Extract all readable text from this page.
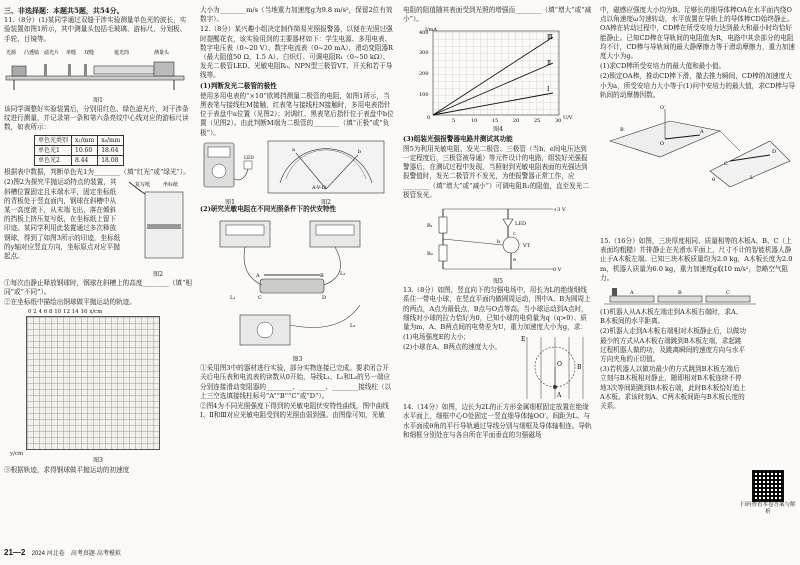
三、非选择题：本题共5题，共54分。

11.（8分）(1)某同学通过双缝干涉实验测量单色光的波长，实验装置如图1所示，其中测量头包括毛玻璃、游标尺、分划板、手轮、目镜等。

光源 凸透镜 滤光片 单缝 双缝	遮光筒	测量头
图1

该同学调整好实验装置后，分别用红色、绿色滤光片，对干涉条纹进行测量，并记录第一条和第六条亮纹中心线对应的游标尺读数，如表所示：

单色光类别	x₁/mm	x₆/mm
单色光1	10.60	18.64
单色光2	8.44	18.08

根据表中数据，判断单色光1为________（填“红光”或“绿光”）。

(2)图2为探究平抛运动特点的装置，其斜槽位置固定且末端水平，固定坐标纸的背板处于竖直面内，钢球在斜槽中从某一高度滚下，从末端飞出，落在倾斜的挡板上挤压复写纸，在坐标纸上留下印迹。某同学利用此装置通过多次释放钢球，得到了如图3所示的印迹，坐标纸的y轴对应竖直方向，坐标原点对应平抛起点。

复写纸	坐标纸
图2

①每次由静止释放钢球时，钢球在斜槽上的高度________（填“相同”或“不同”）。

②在坐标纸中描绘出钢球做平抛运动的轨迹。

0 2 4 6 8 10 12 14 16 x/cm
y/cm
图3

③根据轨迹，求得钢球做平抛运动的初速度

大小为________m/s（当地重力加速度g为9.8 m/s²，保留2位有效数字）。

12.（8分）某兴趣小组决定制作简易光照报警器，以便在光照过强时提醒花农，该实验用到的主要器材如下：学生电源、多用电表、数字电压表（0~20 V）、数字电流表（0~20 mA）、滑动变阻器R（最大阻值50 Ω，1.5 A）、白炽灯、可调电阻R₁（0~50 kΩ）、发光二极管LED、光敏电阻R₀、NPN型三极管VT、开关和若干导线等。

(1)判断发光二极管的极性

使用多用电表的“×10”欧姆挡测量二极管的电阻，如图1所示，当黑表笔与接线柱M接触，红表笔与接线柱N接触时，多用电表指针位于表盘中a位置（见图2）；对调红、黑表笔后指针位于表盘中b位置（见图2）。由此判断M端为二极管的________（填“正极”或“负极”）。

LED
图1
a	b
A-V-Ω
图2

(2)研究光敏电阻在不同光照条件下的伏安特性

A	B
C	D
L₁
L₂
L₃
图3

①采用图3中的器材进行实验，部分实物连接已完成。要求闭合开关后电压表和电流表的读数从0开始，导线L₁、L₂和L₃的另一端应分别连接滑动变阻器的________、________、________接线柱（以上三空选填接线柱标号“A”“B”“C”或“D”）。

②图4为不同光照强度下得到的光敏电阻伏安特性曲线，图中曲线Ⅰ、Ⅱ和Ⅲ对应光敏电阻受到的光照由弱到强。由图像可知，光敏

电阻的阻值随其表面受到光照的增强而________（填“增大”或“减小”）。

Ⅲ
Ⅱ
Ⅰ
I/mA
U/V
0
100
200
300
400
5	10	15	20	25	30
图4

(3)组装光强报警器电路并测试其功能

图5为利用光敏电阻、发光二极管、三极管（当b、e间电压达到一定程度后，三极管被导通）等元件设计的电路，组装好光强报警器后，在测试过程中发现，当照射到光敏电阻表面的光强达到报警值时，发光二极管并不发光，为使报警器正常工作，应________（填“增大”或“减小”）可调电阻R₁的阻值，直至发光二极管发光。

+3 V
LED
VT
R₁
R₀
0 V
b
c
e
图5

13.（8分）如图，竖直向下的匀强电场中，用长为L的绝缘细线系住一带电小球，在竖直平面内做圆周运动，图中A、B为圆周上的两点，A点为最低点，B点与O点等高。当小球运动到A点时，细线对小球的拉力恰好为0，已知小球的电荷量为q（q>0）、质量为m，A、B两点间的电势差为U，重力加速度大小为g，求：

(1)电场强度E的大小；

(2)小球在A、B两点的速度大小。

E
O
A
B

14.（14分）如图，边长为2L的正方形金属细框固定放置在绝缘水平面上，细框中心O处固定一竖直细导体轴OO′。间距为L、与水平面成θ角的平行导轨通过导线分别与细框及导体轴相连。导轨和细框分别处在与各自所在平面垂直的匀强磁场

中，磁感应强度大小均为B。足够长的细导体棒OA在水平面内绕O点以角速度ω匀速转动，水平放置在导轨上的导体棒CD始终静止。OA棒在转动过程中，CD棒在所受安培力达到最大和最小时均恰好能静止。已知CD棒在导轨间的电阻值为R，电路中其余部分的电阻均不计，CD棒与导轨间的最大静摩擦力等于滑动摩擦力，重力加速度大小为g。

(1)求CD棒所受安培力的最大值和最小值。

(2)锁定OA棒，推动CD棒下滑，撤去推力瞬间，CD棒的加速度大小为a，所受安培力大小等于(1)问中安培力的最大值，求CD棒与导轨间的动摩擦因数。

O
A
O′
D
C
θ
B
L

15.（16分）如图，三块厚度相同、质量相等的木板A、B、C（上表面均粗糙）并排静止在光滑水平面上，尺寸不计的智能机器人静止于A木板左端。已知三块木板质量均为2.0 kg，A木板长度为2.0 m，机器人质量为6.0 kg，重力加速度g取10 m/s²，忽略空气阻力。

A	B	C

(1)机器人从A木板左端走到A木板右端时，求A、B木板间的水平距离。

(2)机器人走到A木板右端相对木板静止后，以做功最少的方式从A木板右端跳到B木板左端，求起跳过程机器人做的功，及跳离瞬间的速度方向与水平方向夹角的正切值。

(3)若机器人以做功最少的方式跳到B木板左端后立刻与B木板相对静止，随即相对B木板连续不停地3次等间距跳到B木板右端，此时B木板恰好追上A木板。求该时刻A、C两木板间距与B木板长度的关系。

扫码查看本卷答案与解析
21—2 2024 河北卷 高考真题·高考模拟
